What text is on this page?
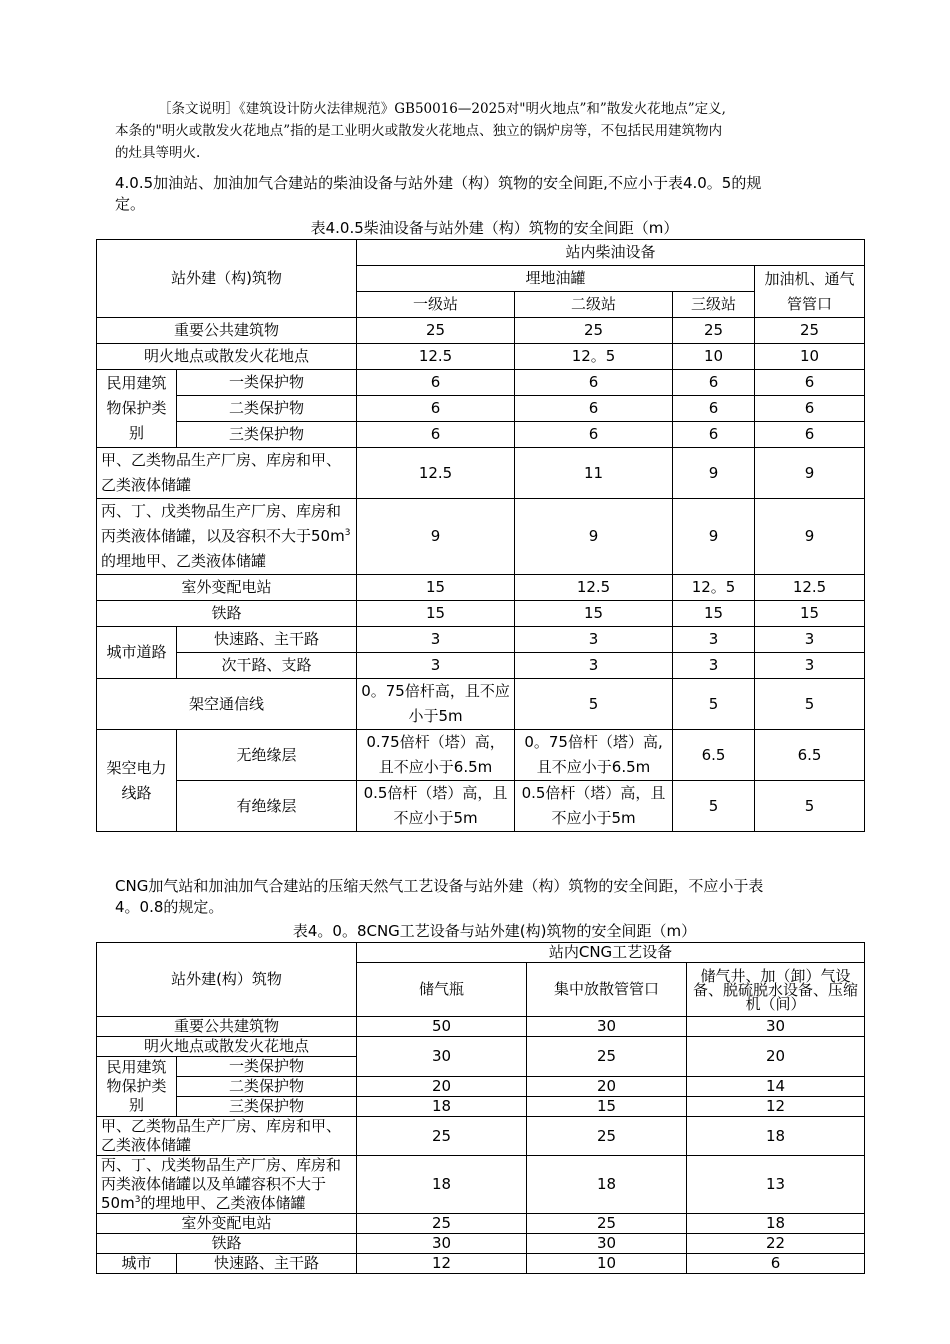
［条文说明］《建筑设计防火法律规范》GB50016—2025对"明火地点”和”散发火花地点”定义,
本条的"明火或散发火花地点”指的是工业明火或散发火花地点、独立的锅炉房等，不包括民用建筑物内
的灶具等明火.
4.0.5加油站、加油加气合建站的柴油设备与站外建（构）筑物的安全间距,不应小于表4.0。5的规
定。
表4.0.5柴油设备与站外建（构）筑物的安全间距（m）
站外建（构)筑物		站内柴油设备			
		埋地油罐			加油机、通气管管口
		一级站	二级站	三级站	
重要公共建筑物		25	25	25	25
明火地点或散发火花地点		12.5	12。5	10	10
民用建筑物保护类别	一类保护物	6	6	6	6
	二类保护物	6	6	6	6
	三类保护物	6	6	6	6
甲、乙类物品生产厂房、库房和甲、乙类液体储罐		12.5	11	9	9
丙、丁、戊类物品生产厂房、库房和丙类液体储罐，以及容积不大于$50m^3$的埋地甲、乙类液体储罐		9	9	9	9
室外变配电站		15	12.5	12。5	12.5
铁路		15	15	15	15
城市道路	快速路、主干路	3	3	3	3
	次干路、支路	3	3	3	3
架空通信线		0。75倍杆高，且不应小于5m	5	5	5
架空电力线路	无绝缘层	0.75倍杆（塔）高，且不应小于6.5m	0。75倍杆（塔）高,且不应小于6.5m	6.5	6.5
	有绝缘层	0.5倍杆（塔）高，且不应小于5m	0.5倍杆（塔）高，且不应小于5m	5	5
CNG加气站和加油加气合建站的压缩天然气工艺设备与站外建（构）筑物的安全间距，不应小于表
4。0.8的规定。
表4。0。8CNG工艺设备与站外建(构)筑物的安全间距（m）
站外建(构）筑物		站内CNG工艺设备		
		储气瓶	集中放散管管口	储气井、加（卸）气设备、脱硫脱水设备、压缩机（间）
重要公共建筑物		50	30	30
明火地点或散发火花地点		30	25	20
民用建筑物保护类别	一类保护物			
	二类保护物	20	20	14
	三类保护物	18	15	12
甲、乙类物品生产厂房、库房和甲、乙类液体储罐		25	25	18
丙、丁、戊类物品生产厂房、库房和丙类液体储罐以及单罐容积不大于$50m^3$的埋地甲、乙类液体储罐		18	18	13
室外变配电站		25	25	18
铁路		30	30	22
城市	快速路、主干路	12	10	6
